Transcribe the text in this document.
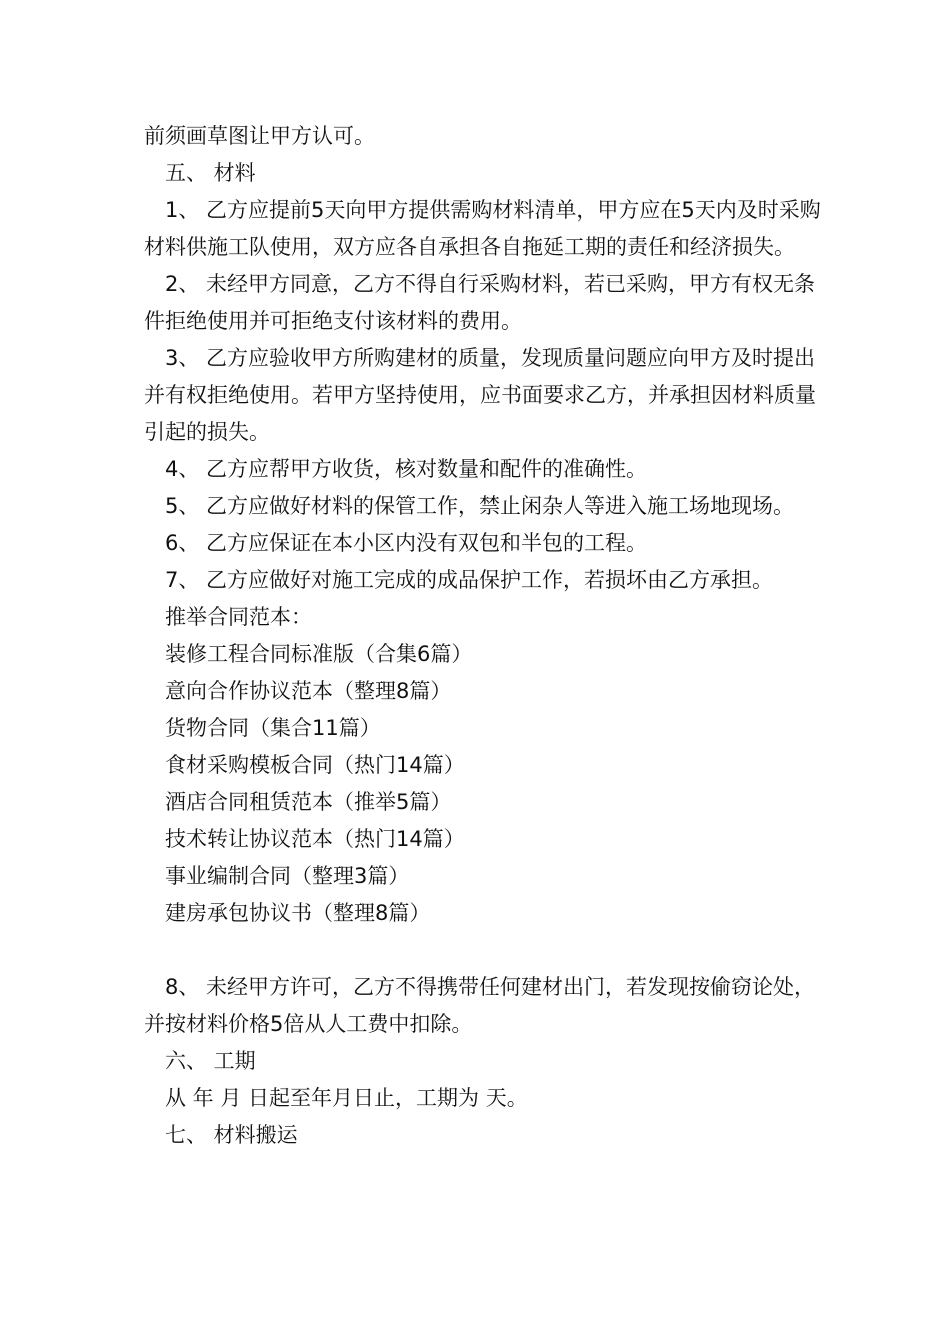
前须画草图让甲方认可。

五、 材料

1、 乙方应提前5天向甲方提供需购材料清单，甲方应在5天内及时采购材料供施工队使用，双方应各自承担各自拖延工期的责任和经济损失。

2、 未经甲方同意，乙方不得自行采购材料，若已采购，甲方有权无条件拒绝使用并可拒绝支付该材料的费用。

3、 乙方应验收甲方所购建材的质量，发现质量问题应向甲方及时提出并有权拒绝使用。若甲方坚持使用，应书面要求乙方，并承担因材料质量引起的损失。

4、 乙方应帮甲方收货，核对数量和配件的准确性。

5、 乙方应做好材料的保管工作，禁止闲杂人等进入施工场地现场。

6、 乙方应保证在本小区内没有双包和半包的工程。

7、 乙方应做好对施工完成的成品保护工作，若损坏由乙方承担。

推举合同范本：

装修工程合同标准版（合集6篇）

意向合作协议范本（整理8篇）

货物合同（集合11篇）

食材采购模板合同（热门14篇）

酒店合同租赁范本（推举5篇）

技术转让协议范本（热门14篇）

事业编制合同（整理3篇）

建房承包协议书（整理8篇）

8、 未经甲方许可，乙方不得携带任何建材出门，若发现按偷窃论处，并按材料价格5倍从人工费中扣除。

六、 工期

从 年 月 日起至年月日止，工期为 天。

七、 材料搬运
